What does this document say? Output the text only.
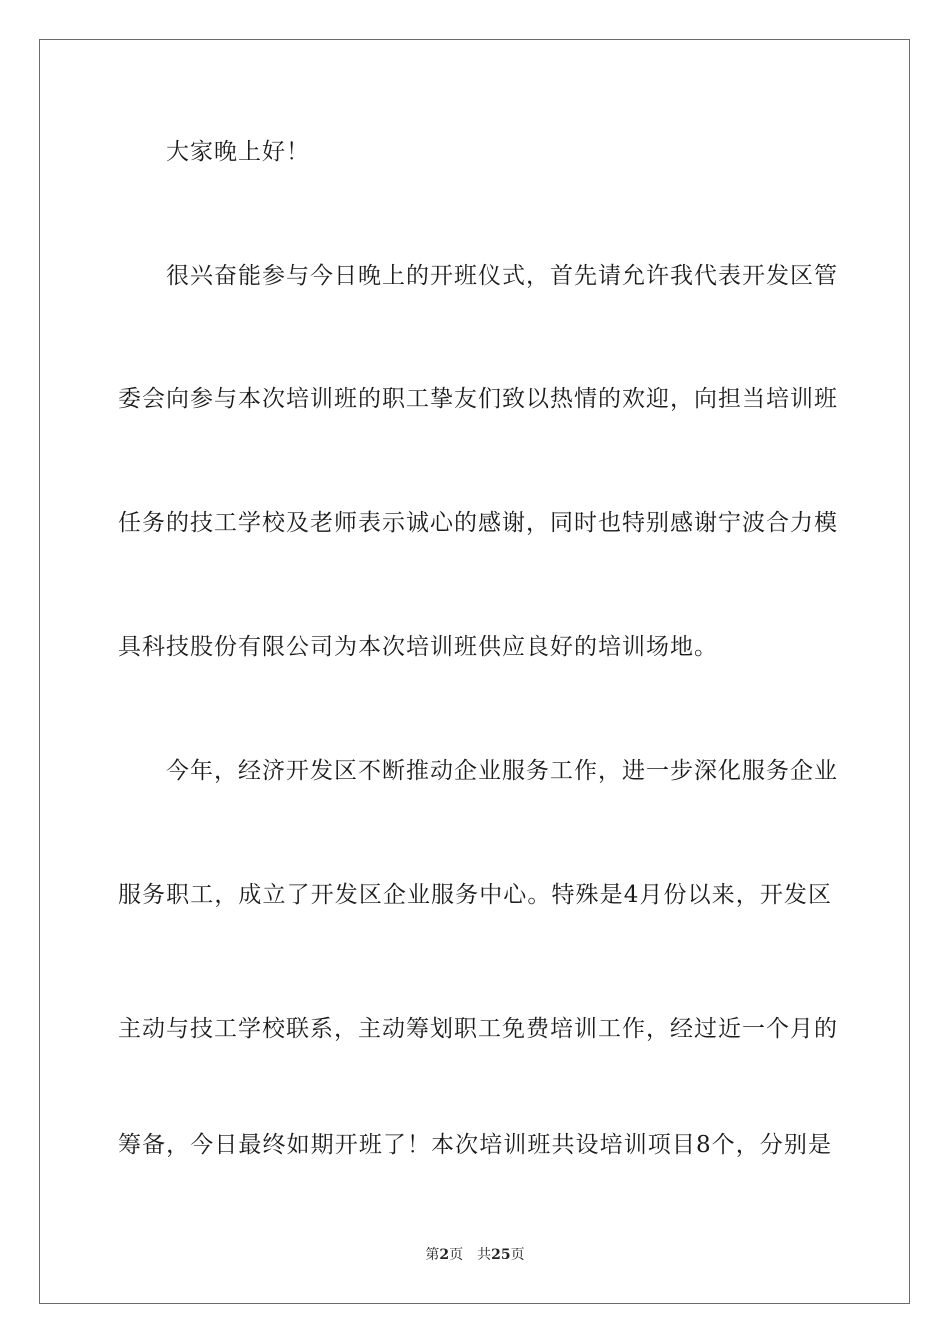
大家晚上好！
很兴奋能参与今日晚上的开班仪式，首先请允许我代表开发区管
委会向参与本次培训班的职工挚友们致以热情的欢迎，向担当培训班
任务的技工学校及老师表示诚心的感谢，同时也特别感谢宁波合力模
具科技股份有限公司为本次培训班供应良好的培训场地。
今年，经济开发区不断推动企业服务工作，进一步深化服务企业
服务职工，成立了开发区企业服务中心。特殊是4月份以来，开发区
主动与技工学校联系，主动筹划职工免费培训工作，经过近一个月的
筹备，今日最终如期开班了！本次培训班共设培训项目8个，分别是
第2页 共25页
